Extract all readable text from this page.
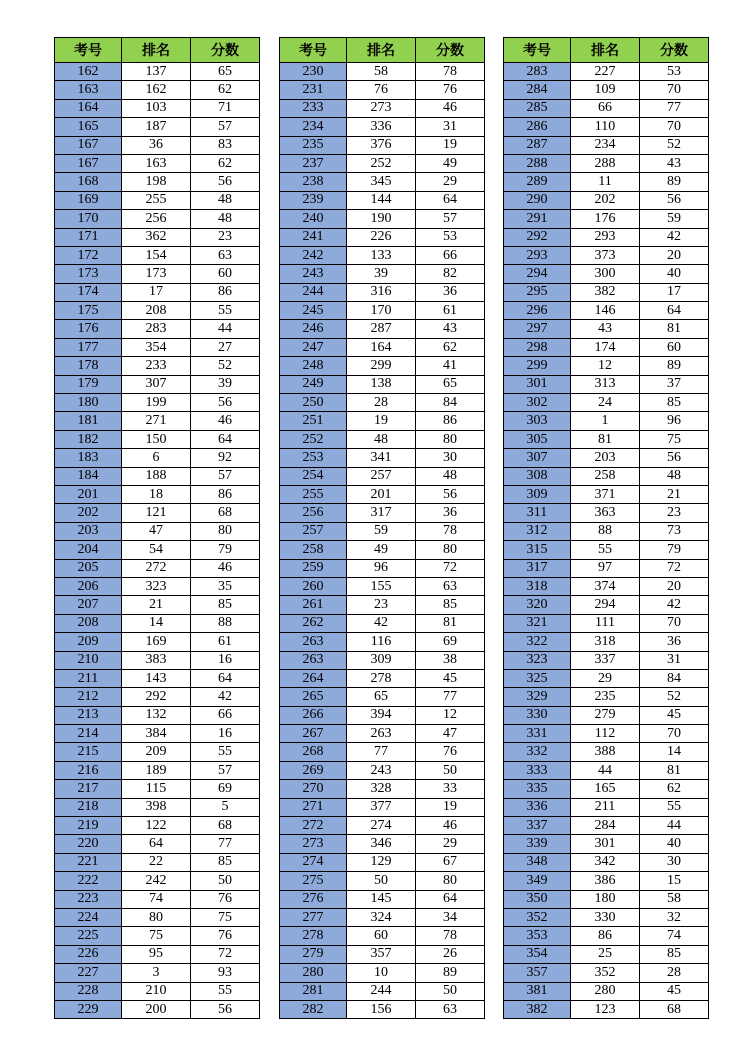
考号	排名	分数
162	137	65
163	162	62
164	103	71
165	187	57
167	36	83
167	163	62
168	198	56
169	255	48
170	256	48
171	362	23
172	154	63
173	173	60
174	17	86
175	208	55
176	283	44
177	354	27
178	233	52
179	307	39
180	199	56
181	271	46
182	150	64
183	6	92
184	188	57
201	18	86
202	121	68
203	47	80
204	54	79
205	272	46
206	323	35
207	21	85
208	14	88
209	169	61
210	383	16
211	143	64
212	292	42
213	132	66
214	384	16
215	209	55
216	189	57
217	115	69
218	398	5
219	122	68
220	64	77
221	22	85
222	242	50
223	74	76
224	80	75
225	75	76
226	95	72
227	3	93
228	210	55
229	200	56
考号	排名	分数
230	58	78
231	76	76
233	273	46
234	336	31
235	376	19
237	252	49
238	345	29
239	144	64
240	190	57
241	226	53
242	133	66
243	39	82
244	316	36
245	170	61
246	287	43
247	164	62
248	299	41
249	138	65
250	28	84
251	19	86
252	48	80
253	341	30
254	257	48
255	201	56
256	317	36
257	59	78
258	49	80
259	96	72
260	155	63
261	23	85
262	42	81
263	116	69
263	309	38
264	278	45
265	65	77
266	394	12
267	263	47
268	77	76
269	243	50
270	328	33
271	377	19
272	274	46
273	346	29
274	129	67
275	50	80
276	145	64
277	324	34
278	60	78
279	357	26
280	10	89
281	244	50
282	156	63
考号	排名	分数
283	227	53
284	109	70
285	66	77
286	110	70
287	234	52
288	288	43
289	11	89
290	202	56
291	176	59
292	293	42
293	373	20
294	300	40
295	382	17
296	146	64
297	43	81
298	174	60
299	12	89
301	313	37
302	24	85
303	1	96
305	81	75
307	203	56
308	258	48
309	371	21
311	363	23
312	88	73
315	55	79
317	97	72
318	374	20
320	294	42
321	111	70
322	318	36
323	337	31
325	29	84
329	235	52
330	279	45
331	112	70
332	388	14
333	44	81
335	165	62
336	211	55
337	284	44
339	301	40
348	342	30
349	386	15
350	180	58
352	330	32
353	86	74
354	25	85
357	352	28
381	280	45
382	123	68
